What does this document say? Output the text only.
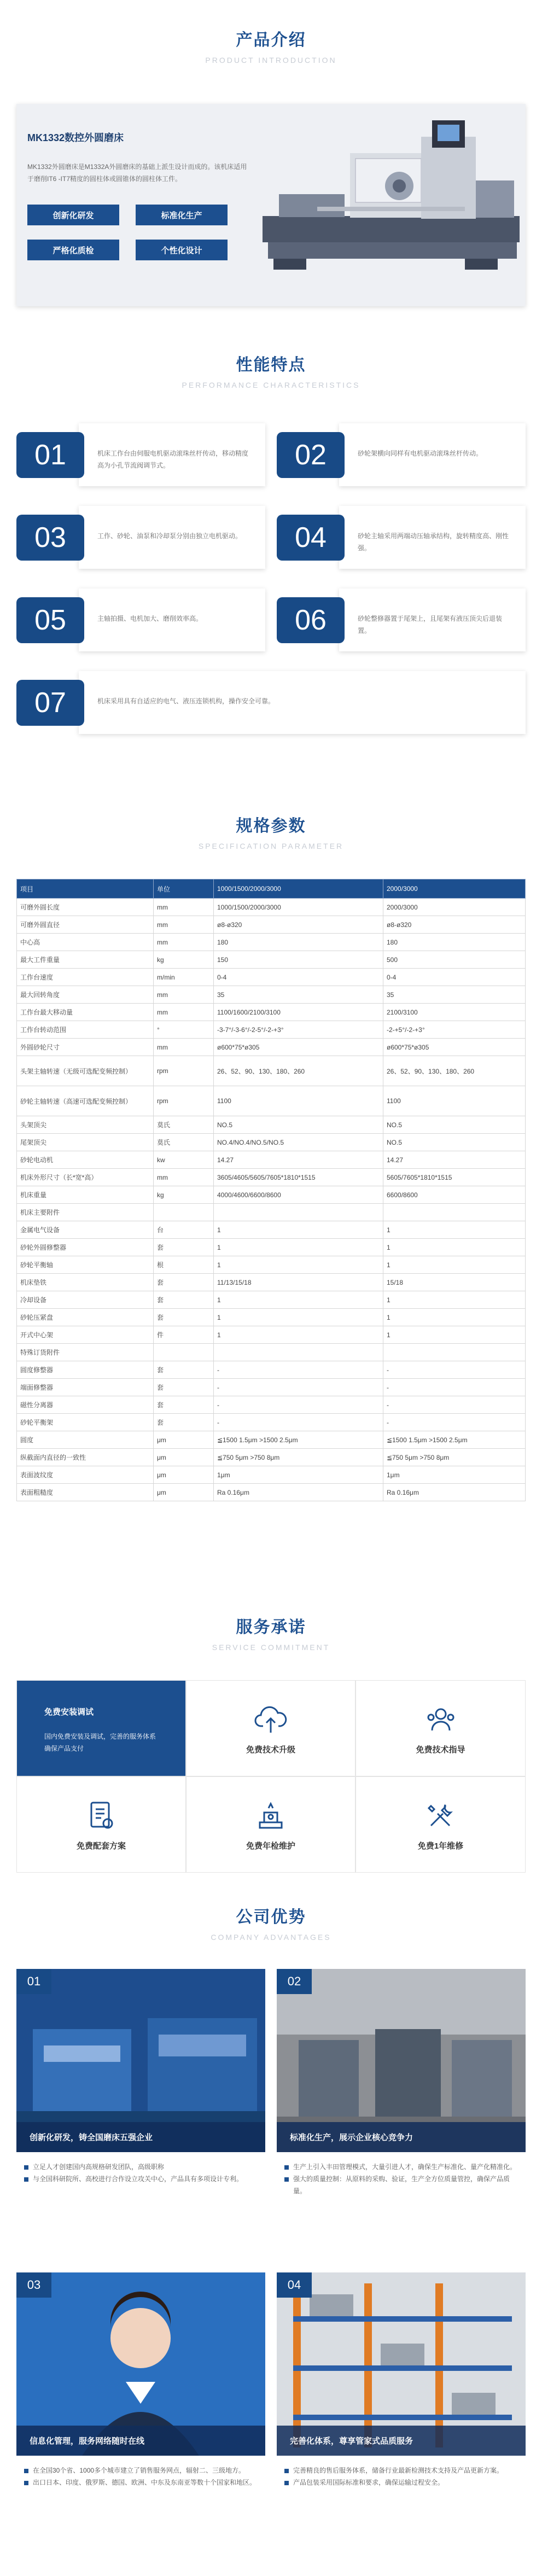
产品介绍
PRODUCT INTRODUCTION
MK1332数控外圆磨床
MK1332外圆磨床是M1332A外圆磨床的基础上派生设计而成的。该机床适用于磨削IT6 -IT7精度的圆柱体或圆锥体的圆柱体工件。
创新化研发	标准化生产
严格化质检	个性化设计
性能特点
PERFORMANCE CHARACTERISTICS
01	机床工作台由伺服电机驱动滚珠丝杆传动，移动精度高为小孔节流阀调节式。	02	砂轮架横向同样有电机驱动滚珠丝杆传动。
03	工作、砂轮、油泵和冷却泵分别由独立电机驱动。	04	砂轮主轴采用两端动压轴承结构，旋转精度高、刚性强。
05	主轴拍摄、电机加大、磨削效率高。	06	砂轮整修器置于尾架上，且尾架有液压顶尖后退装置。
07	机床采用具有自适应的电气、液压连锁机构，操作安全可靠。
规格参数
SPECIFICATION PARAMETER
项目	单位	1000/1500/2000/3000	2000/3000
可磨外圆长度	mm	1000/1500/2000/3000	2000/3000
可磨外圆直径	mm	ø8-ø320	ø8-ø320
中心高	mm	180	180
最大工件重量	kg	150	500
工作台速度	m/min	0-4	0-4
最大回转角度	mm	35	35
工作台最大移动量	mm	1100/1600/2100/3100	2100/3100
工作台转动范围	°	-3-7°/-3-6°/-2-5°/-2-+3°	-2-+5°/-2-+3°
外圆砂轮尺寸	mm	ø600*75*ø305	ø600*75*ø305
头架主轴转速（无级可选配变频控制）	rpm	26、52、90、130、180、260	26、52、90、130、180、260
砂轮主轴转速（高速可选配变频控制）	rpm	1100	1100
头架顶尖	莫氏	NO.5	NO.5
尾架顶尖	莫氏	NO.4/NO.4/NO.5/NO.5	NO.5
砂轮电动机	kw	14.27	14.27
机床外形尺寸（长*宽*高）	mm	3605/4605/5605/7605*1810*1515	5605/7605*1810*1515
机床重量	kg	4000/4600/6600/8600	6600/8600
机床主要附件			
金属电气设备	台	1	1
砂轮外圆修整器	套	1	1
砂轮平衡轴	根	1	1
机床垫铁	套	11/13/15/18	15/18
冷却设备	套	1	1
砂轮压紧盘	套	1	1
开式中心架	件	1	1
特殊订货附件			
圆度修整器	套	-	-
端面修整器	套	-	-
磁性分离器	套	-	-
砂轮平衡架	套	-	-
圆度	μm	≦1500 1.5μm >1500 2.5μm	≦1500 1.5μm >1500 2.5μm
纵截面内直径的一致性	μm	≦750 5μm >750 8μm	≦750 5μm >750 8μm
表面波纹度	μm	1μm	1μm
表面粗糙度	μm	Ra 0.16μm	Ra 0.16μm
服务承诺
SERVICE COMMITMENT
免费安装调试
国内免费安装及调试，完善的服务体系确保产品支付	免费技术升级	免费技术指导
免费配套方案	免费年检维护	免费1年维修
公司优势
COMPANY ADVANTAGES
01
创新化研发，铸全国磨床五强企业
立足人才创建国内高规格研发团队，高级职称
与全国科研院所、高校进行合作设立攻关中心，产品具有多项设计专利。
02
标准化生产，展示企业核心竞争力
生产上引入丰田管理模式，大量引进人才，确保生产标准化、量产化精准化。
强大的质量控制：从原料的采购、验证，生产全方位质量管控，确保产品质量。
03
信息化管理，服务网络随时在线
在全国30个省、1000多个城市建立了销售服务网点，辐射二、三级地方。
出口日本、印度、俄罗斯、德国、欧洲、中东及东南亚等数十个国家和地区。
04
完善化体系，尊享管家式品质服务
完善精良的售后服务体系，储备行业最新检测技术支持及产品更新方案。
产品包装采用国际标准和要求，确保运输过程安全。
